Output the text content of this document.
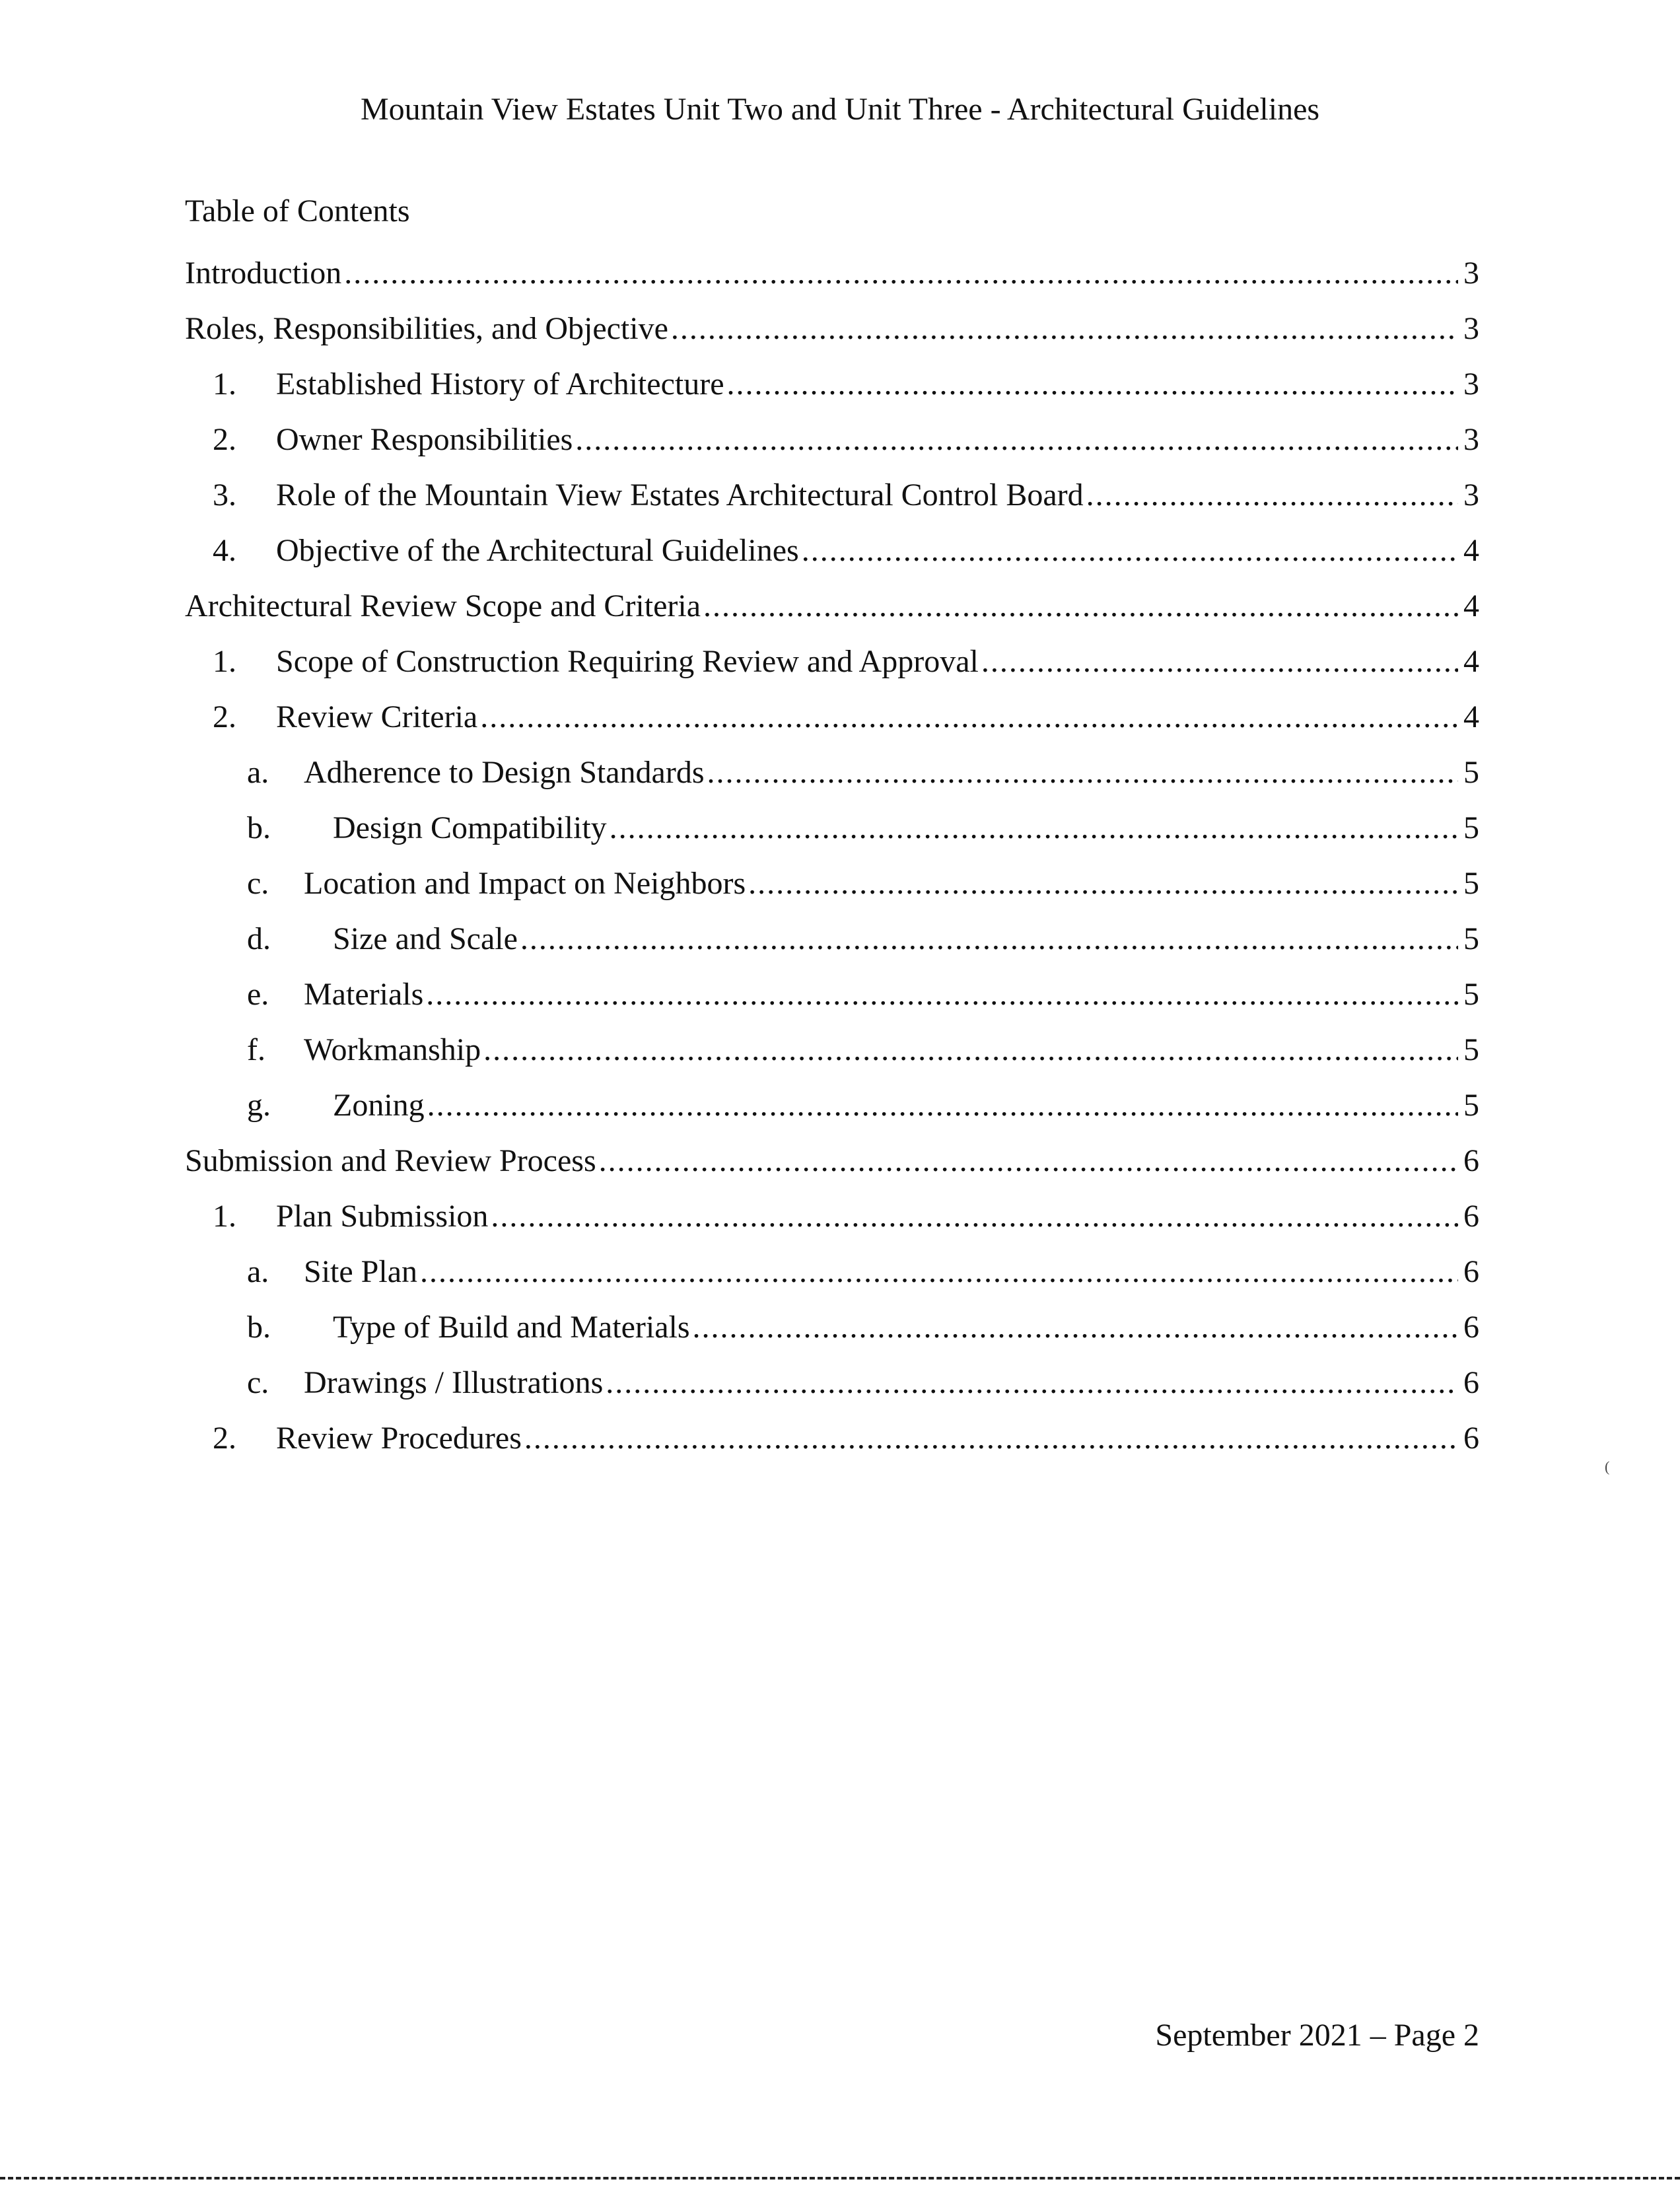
Mountain View Estates Unit Two and Unit Three - Architectural Guidelines
Table of Contents
Introduction .....	3
Roles, Responsibilities, and Objective .....	3
1.	Established History of Architecture .....	3
2.	Owner Responsibilities .....	3
3.	Role of the Mountain View Estates Architectural Control Board .....	3
4.	Objective of the Architectural Guidelines .....	4
Architectural Review Scope and Criteria .....	4
1.	Scope of Construction Requiring Review and Approval .....	4
2.	Review Criteria .....	4
a.	Adherence to Design Standards .....	5
b.	Design Compatibility .....	5
c.	Location and Impact on Neighbors .....	5
d.	Size and Scale .....	5
e.	Materials .....	5
f.	Workmanship .....	5
g.	Zoning .....	5
Submission and Review Process .....	6
1.	Plan Submission .....	6
a.	Site Plan .....	6
b.	Type of Build and Materials .....	6
c.	Drawings / Illustrations .....	6
2.	Review Procedures .....	6
(
September 2021 – Page 2
